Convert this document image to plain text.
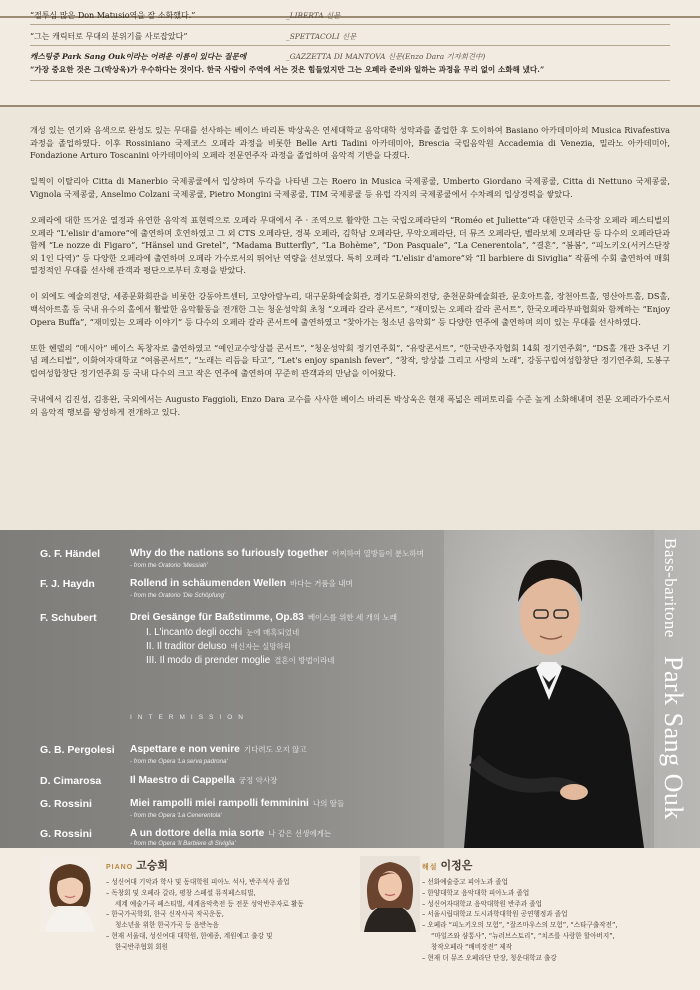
“절투심 많은 Don Matusio역을 잘 소화했다.”	_LIBERTA 신문
“그는 캐릭터로 무대의 분위기를 사로잡았다”	_SPETTACOLI 신문
캐스팅중 Park Sang Ouk이라는 어려운 이름이 있다는 질문에	_GAZZETTA DI MANTOVA 신문(Enzo Dara 기자회견中)
“가장 중요한 것은 그(박상욱)가 우수하다는 것이다. 한국 사람이 주역에 서는 것은 힘들었지만 그는 오페라 준비와 일하는 과정을 무리 없이 소화해 냈다.”

개성 있는 연기와 음색으로 완성도 있는 무대를 선사하는 베이스 바리톤 박상욱은 연세대학교 음악대학 성악과를 졸업한 후 도이하여 Basiano 아카데미아의 Musica Rivafestiva 과정을 졸업하였다. 이후 Rossiniano 국제코스 오페라 과정을 비롯한 Belle Arti Tadini 아카데미아, Brescia 국립음악원 Accademia di Venezia, 밀라노 아카데미아, Fondazione Arturo Toscanini 아카데미아의 오페라 전문연주자 과정을 졸업하며 음악적 기반을 다졌다.

일찍이 이탈리아 Citta di Manerbio 국제콩쿨에서 입상하며 두각을 나타낸 그는 Roero in Musica 국제콩쿨, Umberto Giordano 국제콩쿨, Citta di Nettuno 국제콩쿨, Vignola 국제콩쿨, Anselmo Colzani 국제콩쿨, Pietro Mongini 국제콩쿨, TIM 국제콩쿨 등 유럽 각지의 국제콩쿨에서 수차례의 입상경력을 쌓았다.

오페라에 대한 뜨거운 열정과 유연한 음악적 표현력으로 오페라 무대에서 주 · 조역으로 활약한 그는 국립오페라단의 “Roméo et Juliette”과 대한민국 소극장 오페라 페스티벌의 오페라 “L'elisir d'amore”에 출연하며 호연하였고 그 외 CTS 오페라단, 경북 오페라, 김학남 오페라단, 무악오페라단, 더 뮤즈 오페라단, 벨라보체 오페라단 등 다수의 오페라단과 함께 “Le nozze di Figaro”, “Hänsel und Gretel”, “Madama Butterfly”, “La Bohème”, “Don Pasquale”, “La Cenerentola”, “결혼”, “봄봄”, “피노키오(서커스단장 외 1인 다역)” 등 다양한 오페라에 출연하며 오페라 가수로서의 뛰어난 역량을 선보였다. 특히 오페라 “L'elisir d'amore”와 “Il barbiere di Siviglia” 작품에 수회 출연하여 매회 열정적인 무대를 선사해 관객과 평단으로부터 호평을 받았다.

이 외에도 예술의전당, 세종문화회관을 비롯한 강동아트센터, 고양아람누리, 대구문화예술회관, 경기도문화의전당, 춘천문화예술회관, 문호아트홀, 장천아트홀, 영산아트홀, DS홀, 백석아트홀 등 국내 유수의 홀에서 활발한 음악활동을 전개한 그는 청운성악회 초청 “오페라 갈라 콘서트”, “재미있는 오페라 갈라 콘서트”, 한국오페라부파협회와 함께하는 “Enjoy Opera Buffa”, “재미있는 오페라 이야기” 등 다수의 오페라 갈라 콘서트에 출연하였고 “찾아가는 청소년 음악회” 등 다양한 연주에 출연하며 의미 있는 무대를 선사하였다.

또한 헨델의 “메시아” 베이스 독창자로 출연하였고 “예인교수앙상블 콘서트”, “청운성악회 정기연주회”, “유랑콘서트”, “한국반주자협회 14회 정기연주회”, “DS홀 개관 3주년 기념 페스티벌”, 이화여자대학교 “여름콘서트”, “노래는 리듬을 타고”, “Let's enjoy spanish fever”, “창작, 앙상블 그리고 사랑의 노래”, 강동구립여성합창단 정기연주회, 도봉구립여성합창단 정기연주회 등 국내 다수의 크고 작은 연주에 출연하며 꾸준히 관객과의 만남을 이어왔다.

국내에서 김진성, 김흥완, 국외에서는 Augusto Faggioli, Enzo Dara 교수를 사사한 베이스 바리톤 박상욱은 현재 폭넓은 레퍼토리를 수준 높게 소화해내며 전문 오페라가수로서의 음악적 행보를 왕성하게 전개하고 있다.

Bass-baritone   Park Sang Ouk
G. F. Händel	Why do the nations so furiously together 어찌하여 열방들이 분노하며
- from the Oratorio 'Messiah'
F. J. Haydn	Rollend in schäumenden Wellen 바다는 거품을 내며
- from the Oratorio 'Die Schöpfung'
F. Schubert	Drei Gesänge für Baßstimme, Op.83 베이스를 위한 세 개의 노래
I. L'incanto degli occhi 눈에 매혹되었네
II. Il traditor deluso 배신자는 실망하리
III. Il modo di prender moglie 결혼이 방법이라네
INTERMISSION
G. B. Pergolesi Aspettare e non venire 기다려도 오지 않고
- from the Opera 'La serva padrona'
D. Cimarosa	Il Maestro di Cappella 궁정 악사장
G. Rossini	Miei rampolli miei rampolli femminini 나의 딸들
- from the Opera 'La Cenerentola'
G. Rossini	A un dottore della mia sorte 나 같은 선생에게는
- from the Opera 'Il Barbiere di Siviglia'
PIANO 고승희
– 성신여대 기악과 학사 및 동대학원 피아노 석사, 반주석사 졸업
– 독창회 및 오페라 갈라, 평창 스페셜 뮤직페스티벌,
세계 예술가곡 페스티벌, 세계음악축전 등 전문 성악반주자로 활동
– 한국가곡학회, 한국 신작사곡 작곡운동,
청소년을 위한 한국가곡 등 음반녹음
– 현재 서울대, 성신여대 대학원, 한예종, 계원예고 출강 및
한국반주협회 회원
해설 이정은
– 선화예술중고 피아노과 졸업
– 한양대학교 음악대학 피아노과 졸업
– 성신여자대학교 음악대학원 반주과 졸업
– 서울시립대학교 도시과학대학원 공연행정과 졸업
– 오페라 “피노키오의 모험”, “잘즈마우스의 모험”, “스타구출작전”,
“마일즈와 샴통사”, “뉴러브스토리”, “치즈를 사랑한 할아버지”,
창작오페라 “배비장전” 제작
– 현재 더 뮤즈 오페라단 단장, 청운대학교 출강
